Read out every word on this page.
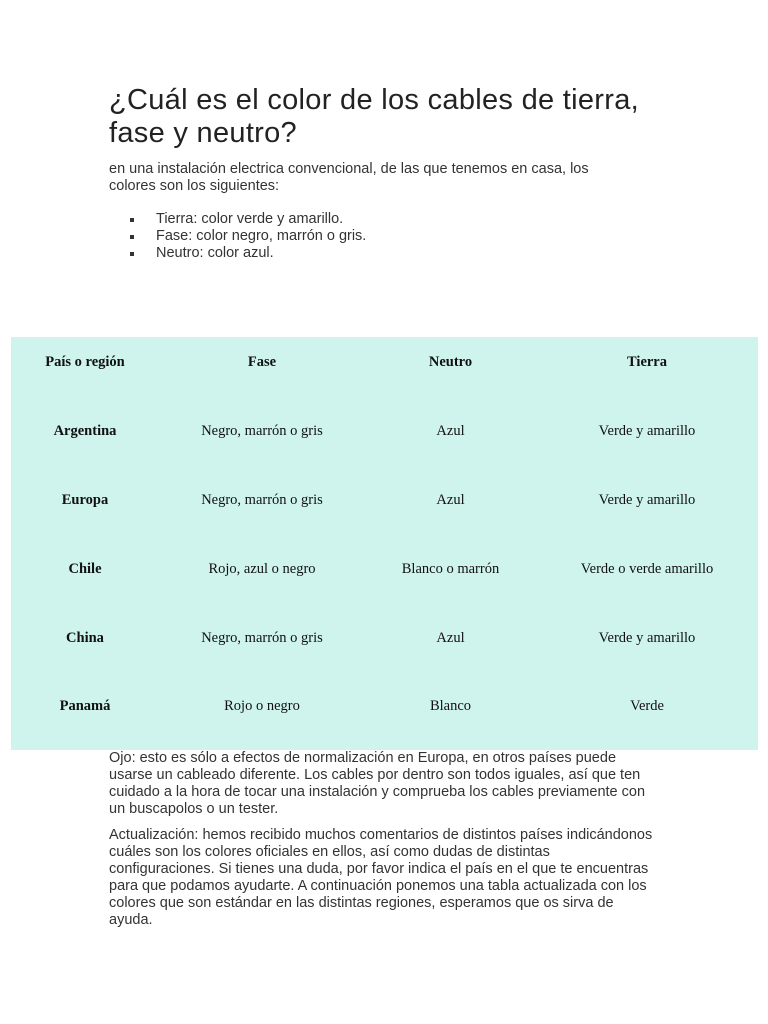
¿Cuál es el color de los cables de tierra, fase y neutro?

en una instalación electrica convencional, de las que tenemos en casa, los colores son los siguientes:

Tierra: color verde y amarillo.
Fase: color negro, marrón o gris.
Neutro: color azul.
País o región	Fase	Neutro	Tierra
Argentina	Negro, marrón o gris	Azul	Verde y amarillo
Europa	Negro, marrón o gris	Azul	Verde y amarillo
Chile	Rojo, azul o negro	Blanco o marrón	Verde o verde amarillo
China	Negro, marrón o gris	Azul	Verde y amarillo
Panamá	Rojo o negro	Blanco	Verde

Ojo: esto es sólo a efectos de normalización en Europa, en otros países puede usarse un cableado diferente. Los cables por dentro son todos iguales, así que ten cuidado a la hora de tocar una instalación y comprueba los cables previamente con un buscapolos o un tester.

Actualización: hemos recibido muchos comentarios de distintos países indicándonos cuáles son los colores oficiales en ellos, así como dudas de distintas configuraciones. Si tienes una duda, por favor indica el país en el que te encuentras para que podamos ayudarte. A continuación ponemos una tabla actualizada con los colores que son estándar en las distintas regiones, esperamos que os sirva de ayuda.
